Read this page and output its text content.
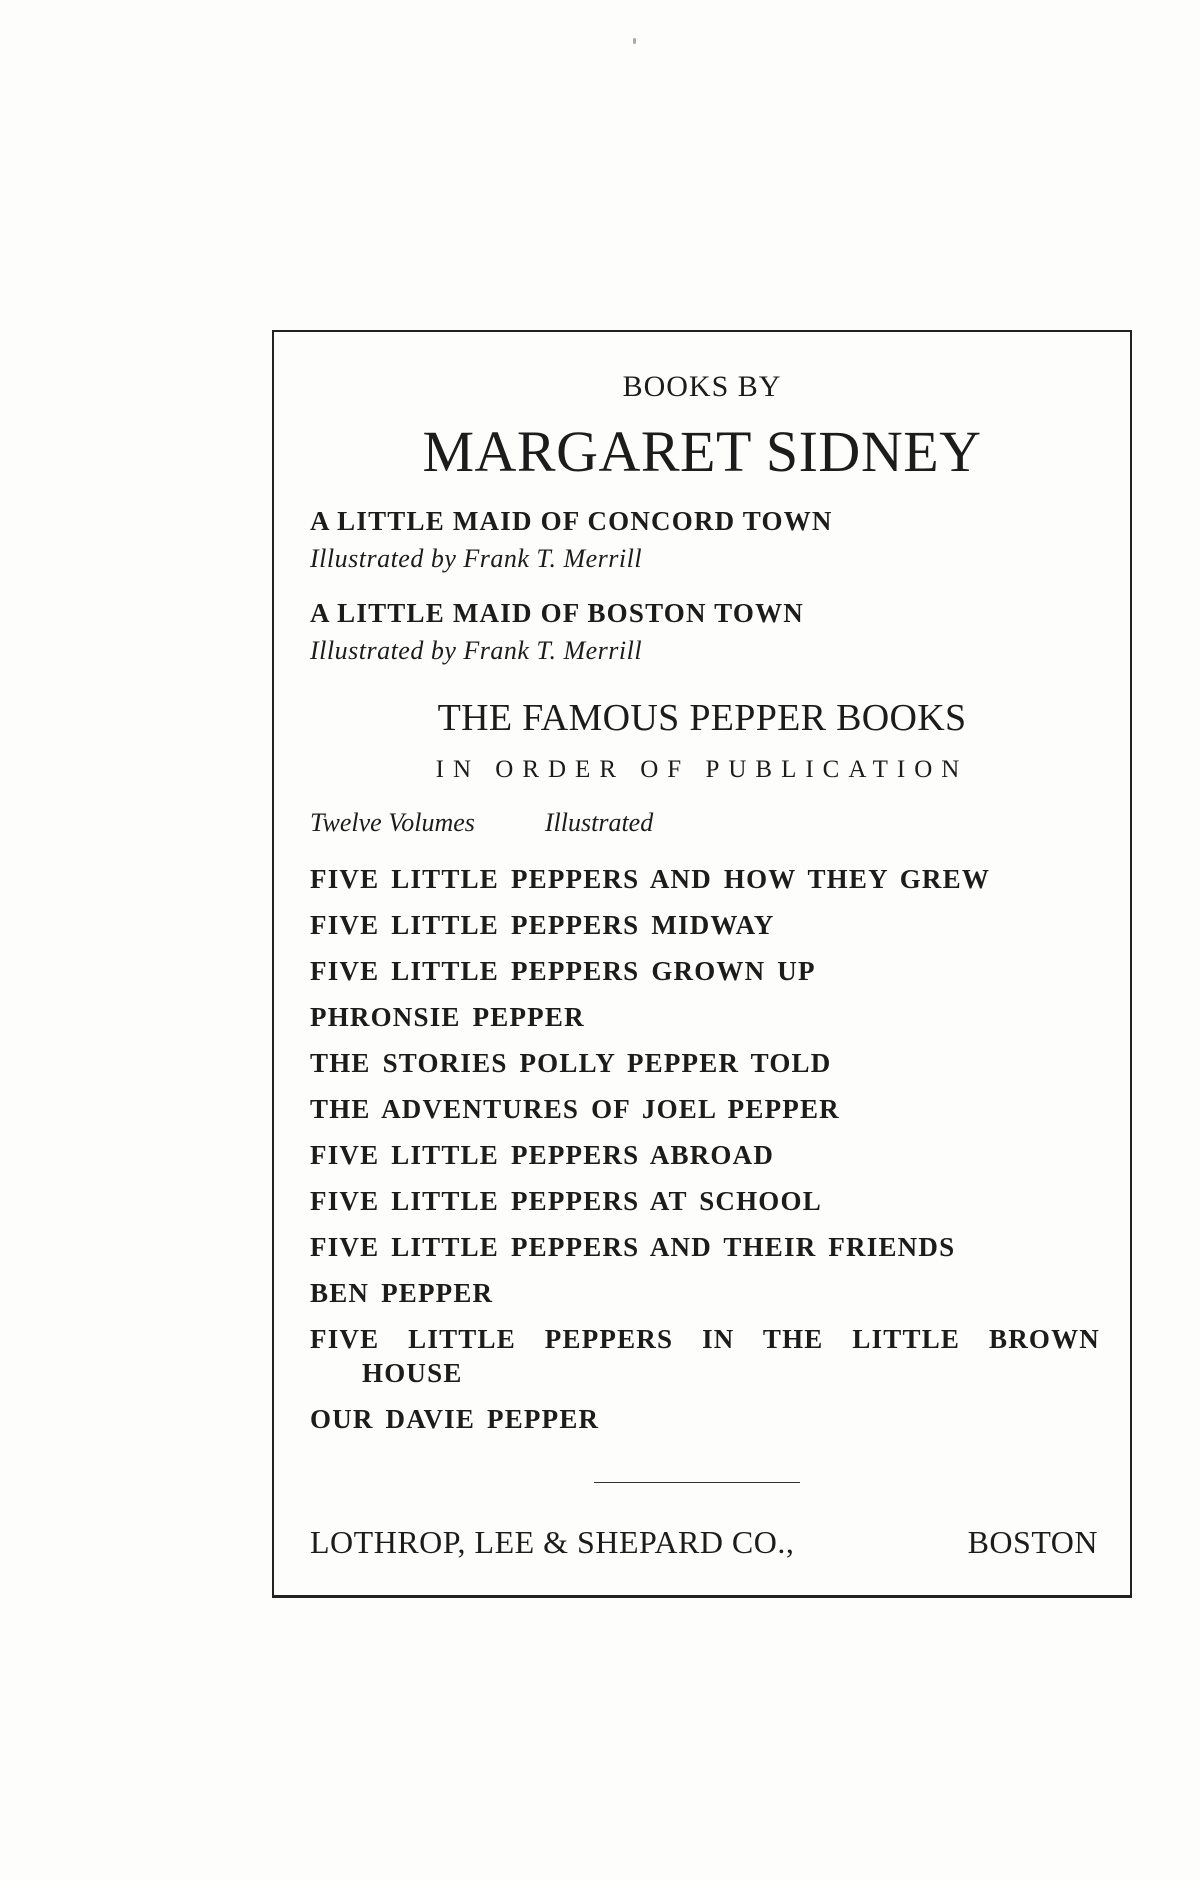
BOOKS BY

MARGARET SIDNEY

A LITTLE MAID OF CONCORD TOWN

Illustrated by Frank T. Merrill

A LITTLE MAID OF BOSTON TOWN

Illustrated by Frank T. Merrill

THE FAMOUS PEPPER BOOKS

IN ORDER OF PUBLICATION

Twelve Volumes	Illustrated

FIVE LITTLE PEPPERS AND HOW THEY GREW
FIVE LITTLE PEPPERS MIDWAY
FIVE LITTLE PEPPERS GROWN UP
PHRONSIE PEPPER
THE STORIES POLLY PEPPER TOLD
THE ADVENTURES OF JOEL PEPPER
FIVE LITTLE PEPPERS ABROAD
FIVE LITTLE PEPPERS AT SCHOOL
FIVE LITTLE PEPPERS AND THEIR FRIENDS
BEN PEPPER
FIVE LITTLE PEPPERS IN THE LITTLE BROWN
HOUSE
OUR DAVIE PEPPER

LOTHROP, LEE & SHEPARD CO.,	BOSTON
